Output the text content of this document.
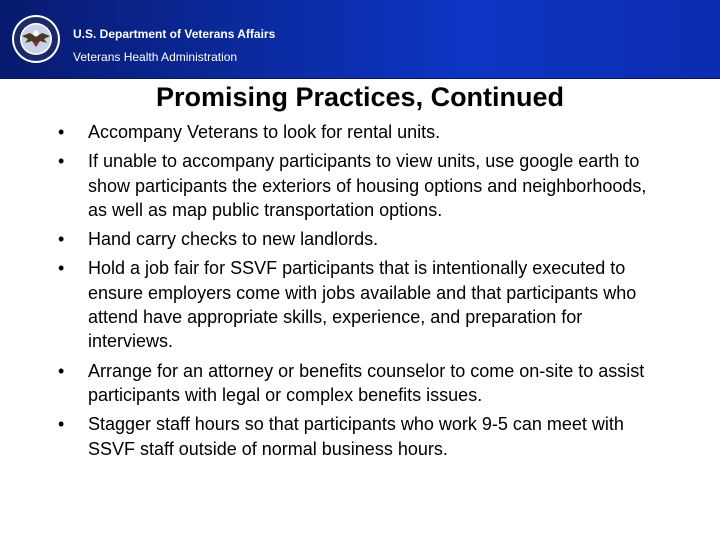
U.S. Department of Veterans Affairs
Veterans Health Administration
Promising Practices, Continued
•	Accompany Veterans to look for rental units.
•	If unable to accompany participants to view units, use google earth to show participants the exteriors of housing options and neighborhoods, as well as map public transportation options.
•	Hand carry checks to new landlords.
•	Hold a job fair for SSVF participants that is intentionally executed to ensure employers come with jobs available and that participants who attend have appropriate skills, experience, and preparation for interviews.
•	Arrange for an attorney or benefits counselor to come on-site to assist participants with legal or complex benefits issues.
•	Stagger staff hours so that participants who work 9-5 can meet with SSVF staff outside of normal business hours.
